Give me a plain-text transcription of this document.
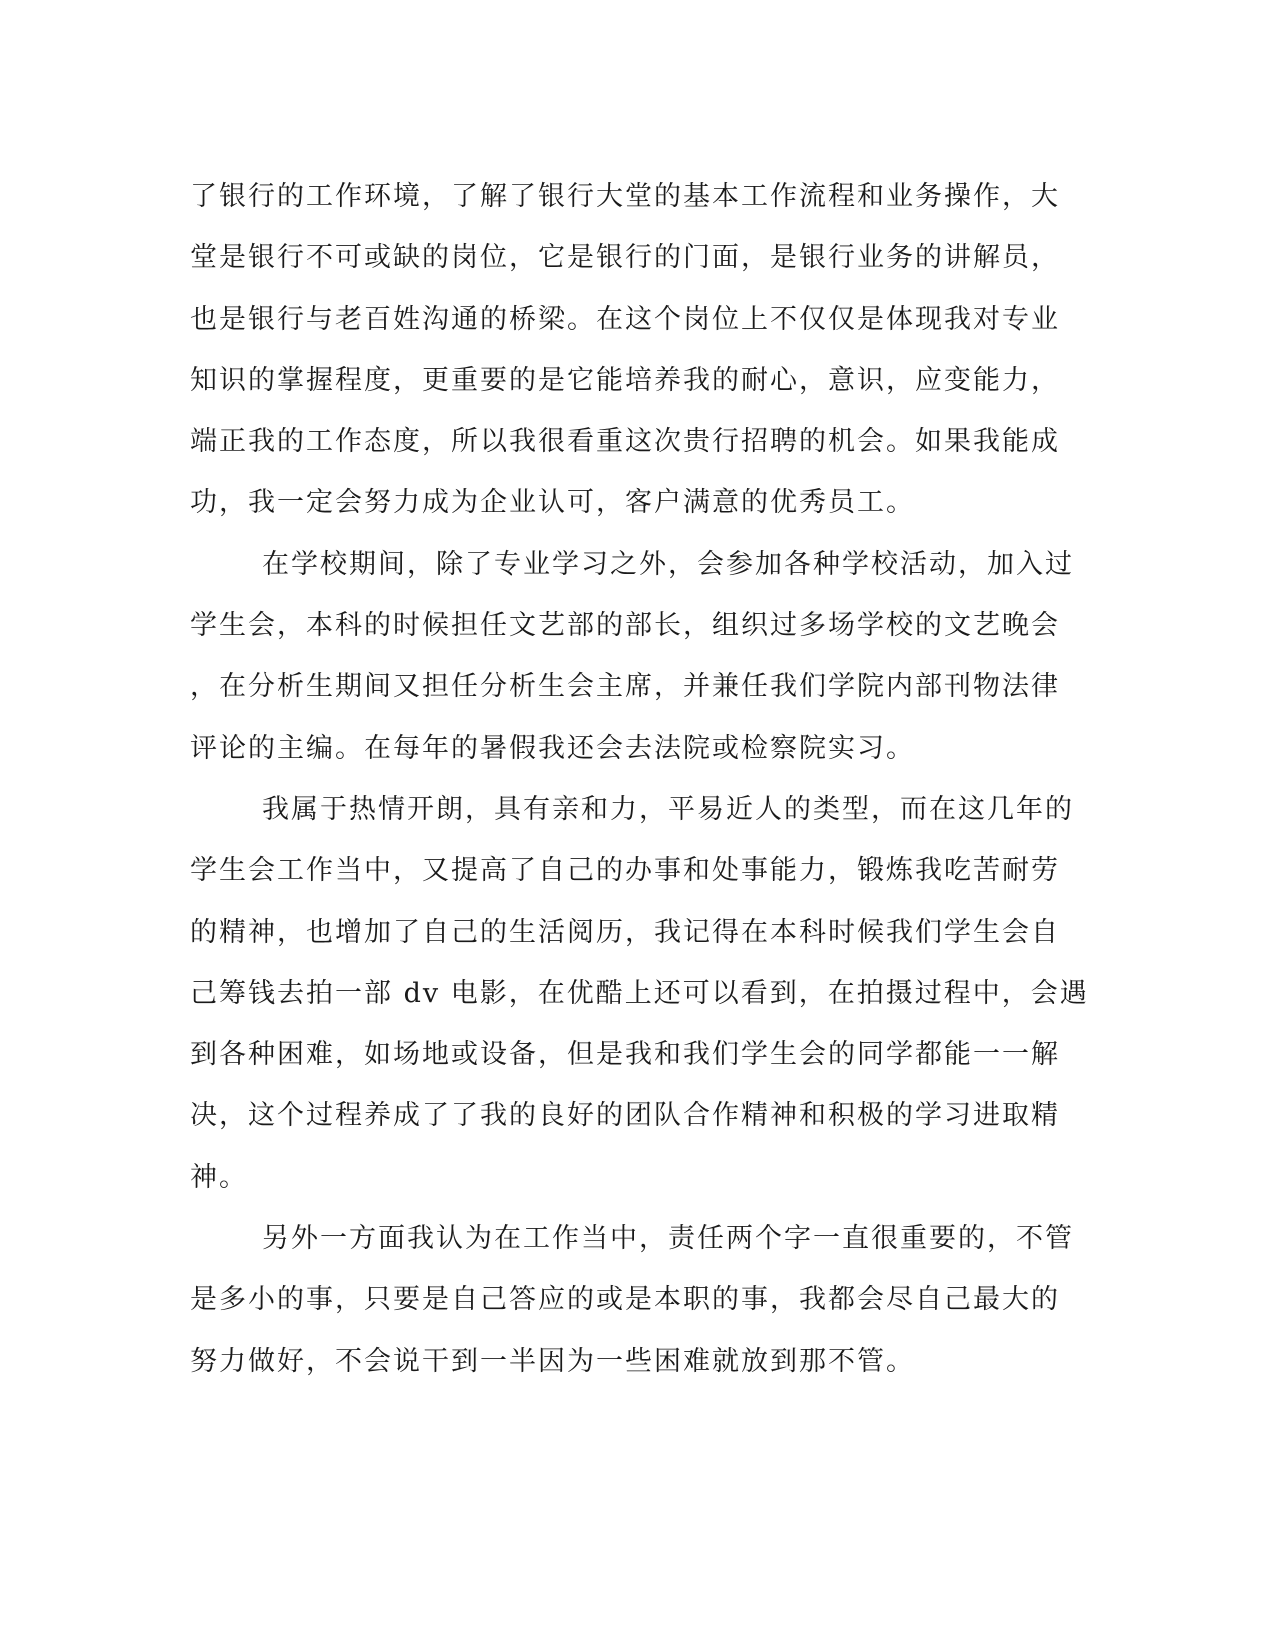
了银行的工作环境，了解了银行大堂的基本工作流程和业务操作，大
堂是银行不可或缺的岗位，它是银行的门面，是银行业务的讲解员，
也是银行与老百姓沟通的桥梁。在这个岗位上不仅仅是体现我对专业
知识的掌握程度，更重要的是它能培养我的耐心，意识，应变能力，
端正我的工作态度，所以我很看重这次贵行招聘的机会。如果我能成
功，我一定会努力成为企业认可，客户满意的优秀员工。
在学校期间，除了专业学习之外，会参加各种学校活动，加入过
学生会，本科的时候担任文艺部的部长，组织过多场学校的文艺晚会
，在分析生期间又担任分析生会主席，并兼任我们学院内部刊物法律
评论的主编。在每年的暑假我还会去法院或检察院实习。
我属于热情开朗，具有亲和力，平易近人的类型，而在这几年的
学生会工作当中，又提高了自己的办事和处事能力，锻炼我吃苦耐劳
的精神，也增加了自己的生活阅历，我记得在本科时候我们学生会自
己筹钱去拍一部 dv 电影，在优酷上还可以看到，在拍摄过程中，会遇
到各种困难，如场地或设备，但是我和我们学生会的同学都能一一解
决，这个过程养成了了我的良好的团队合作精神和积极的学习进取精
神。
另外一方面我认为在工作当中，责任两个字一直很重要的，不管
是多小的事，只要是自己答应的或是本职的事，我都会尽自己最大的
努力做好，不会说干到一半因为一些困难就放到那不管。
